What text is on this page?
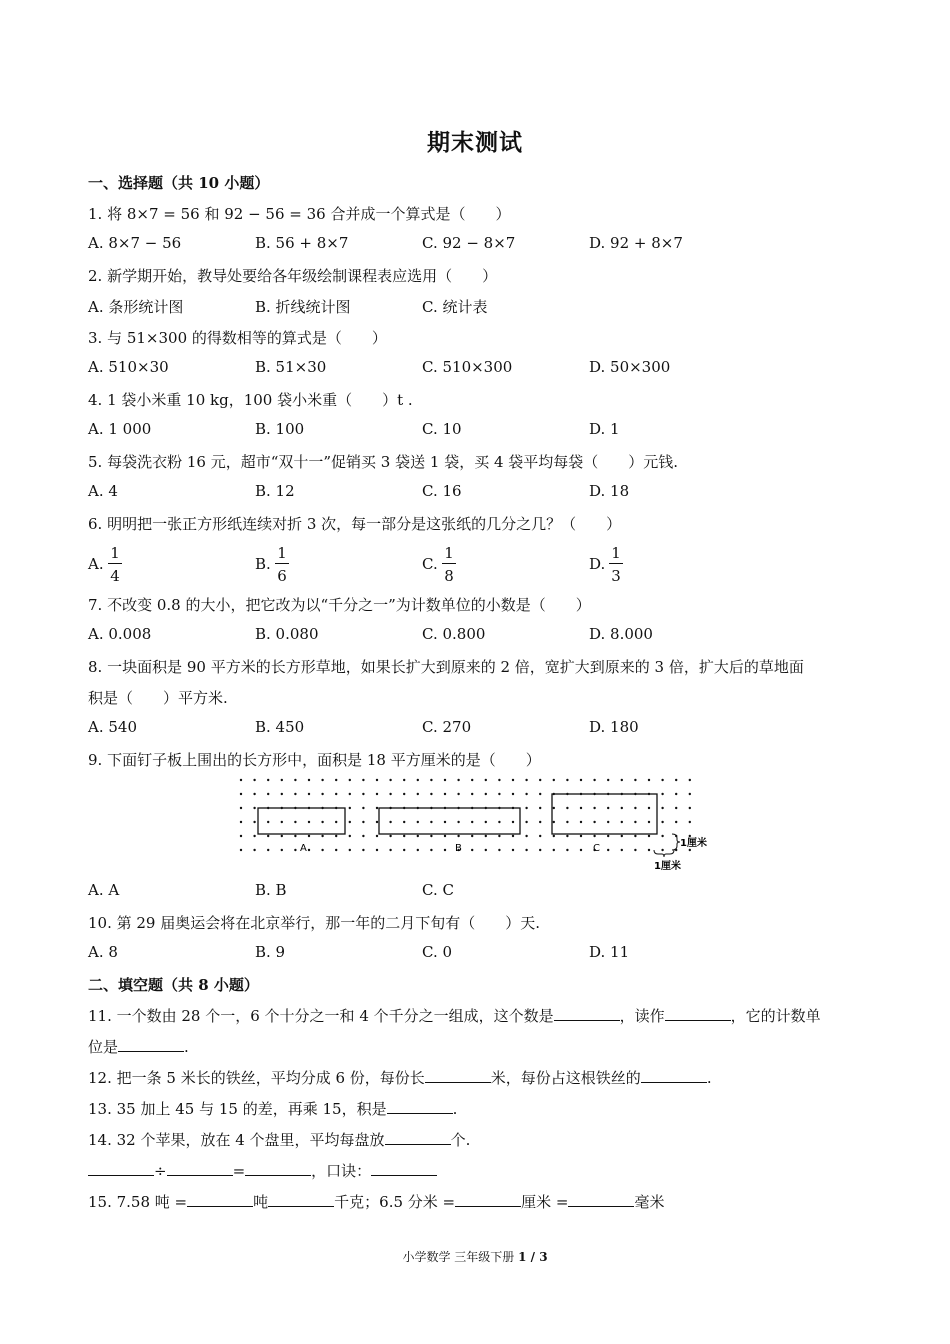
期末测试
一、选择题（共 10 小题）
1. 将 8×7 = 56 和 92 − 56 = 36 合并成一个算式是（　　）
A. 8×7 − 56	B. 56 + 8×7	C. 92 − 8×7	D. 92 + 8×7
2. 新学期开始，教导处要给各年级绘制课程表应选用（　　）
A. 条形统计图	B. 折线统计图	C. 统计表
3. 与 51×300 的得数相等的算式是（　　）
A. 510×30	B. 51×30	C. 510×300	D. 50×300
4. 1 袋小米重 10 kg，100 袋小米重（　　）t .
A. 1 000	B. 100	C. 10	D. 1
5. 每袋洗衣粉 16 元，超市“双十一”促销买 3 袋送 1 袋，买 4 袋平均每袋（　　）元钱.
A. 4	B. 12	C. 16	D. 18
6. 明明把一张正方形纸连续对折 3 次，每一部分是这张纸的几分之几？（　　）
A. $\frac{1}{4}$	B. $\frac{1}{6}$	C. $\frac{1}{8}$	D. $\frac{1}{3}$
7. 不改变 0.8 的大小，把它改为以“千分之一”为计数单位的小数是（　　）
A. 0.008	B. 0.080	C. 0.800	D. 8.000
8. 一块面积是 90 平方米的长方形草地，如果长扩大到原来的 2 倍，宽扩大到原来的 3 倍，扩大后的草地面
积是（　　）平方米.
A. 540	B. 450	C. 270	D. 180
9. 下面钉子板上围出的长方形中，面积是 18 平方厘米的是（　　）
A	B	C	1厘米
1厘米
A. A	B. B	C. C
10. 第 29 届奥运会将在北京举行，那一年的二月下旬有（　　）天.
A. 8	B. 9	C. 0	D. 11
二、填空题（共 8 小题）
11. 一个数由 28 个一，6 个十分之一和 4 个千分之一组成，这个数是	，读作	，它的计数单
位是	.
12. 把一条 5 米长的铁丝，平均分成 6 份，每份长	米，每份占这根铁丝的	.
13. 35 加上 45 与 15 的差，再乘 15，积是	.
14. 32 个苹果，放在 4 个盘里，平均每盘放	个.
÷	=	，口诀：
15. 7.58 吨 =	吨	千克；6.5 分米 =	厘米 =	毫米
小学数学 三年级下册 1 / 3
